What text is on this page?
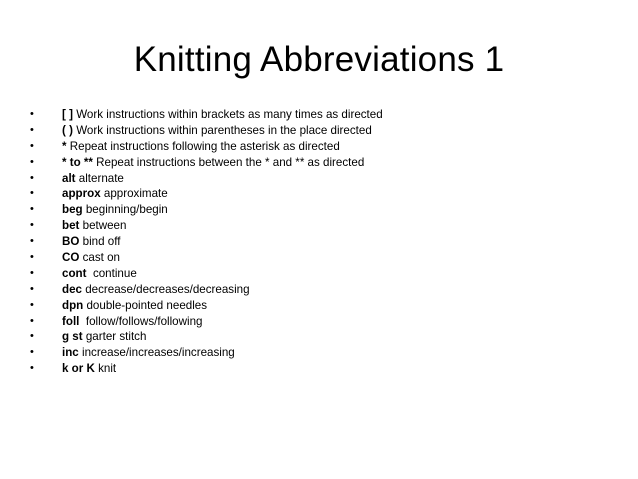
Knitting Abbreviations 1
•	[ ] Work instructions within brackets as many times as directed
•	( ) Work instructions within parentheses in the place directed
•	* Repeat instructions following the asterisk as directed
•	* to ** Repeat instructions between the * and ** as directed
•	alt alternate
•	approx approximate
•	beg beginning/begin
•	bet between
•	BO bind off
•	CO cast on
•	cont continue
•	dec decrease/decreases/decreasing
•	dpn double-pointed needles
•	foll follow/follows/following
•	g st garter stitch
•	inc increase/increases/increasing
•	k or K knit
